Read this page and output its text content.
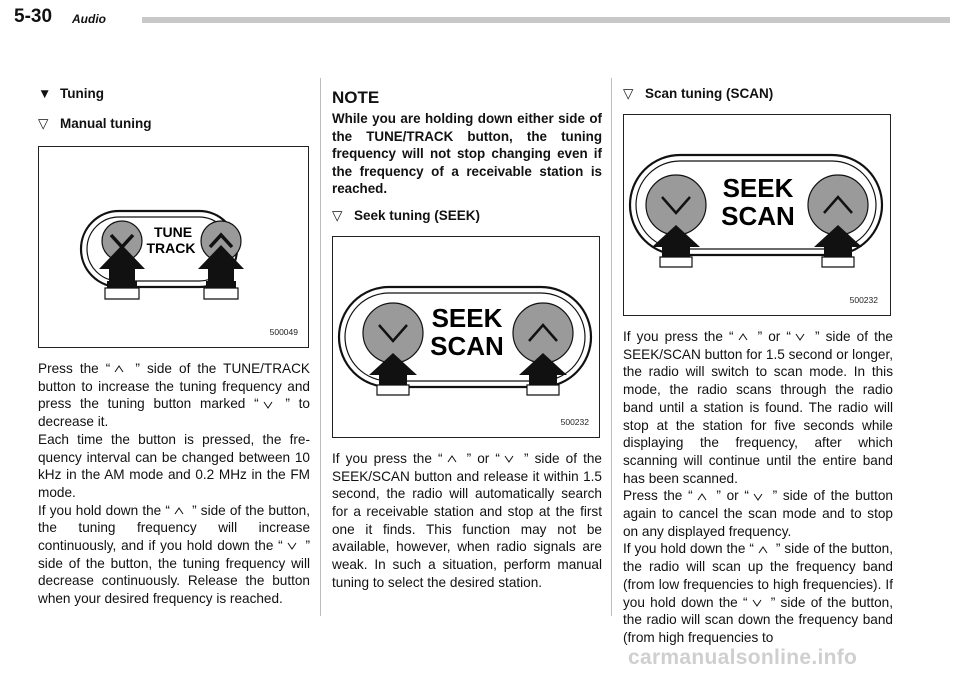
5-30 Audio
▼ Tuning
▽ Manual tuning
TUNE
TRACK
500049

Press the “
” side of the TUNE/TRACK button to increase the tuning frequency and press the tuning button marked “
” to decrease it.

Each time the button is pressed, the frequency interval can be changed between 10 kHz in the AM mode and 0.2 MHz in the FM mode.

If you hold down the “
” side of the button, the tuning frequency will increase continuously, and if you hold down the “
” side of the button, the tuning frequency will decrease continuously. Release the button when your desired frequency is reached.

NOTE
While you are holding down either side of the TUNE/TRACK button, the tuning frequency will not stop changing even if the frequency of a receivable station is reached.
▽ Seek tuning (SEEK)
SEEK
SCAN
500232

If you press the “
” or “
” side of the SEEK/SCAN button and release it within 1.5 second, the radio will automatically search for a receivable station and stop at the first one it finds. This function may not be available, however, when radio signals are weak. In such a situation, perform manual tuning to select the desired station.

▽ Scan tuning (SCAN)
SEEK
SCAN
500232

If you press the “
” or “
” side of the SEEK/SCAN button for 1.5 second or longer, the radio will switch to scan mode. In this mode, the radio scans through the radio band until a station is found. The radio will stop at the station for five seconds while displaying the frequency, after which scanning will continue until the entire band has been scanned.

Press the “
” or “
” side of the button again to cancel the scan mode and to stop on any displayed frequency.

If you hold down the “
” side of the button, the radio will scan up the frequency band (from low frequencies to high frequencies). If you hold down the “
” side of the button, the radio will scan down the frequency band (from high frequencies to

carmanualsonline.info
